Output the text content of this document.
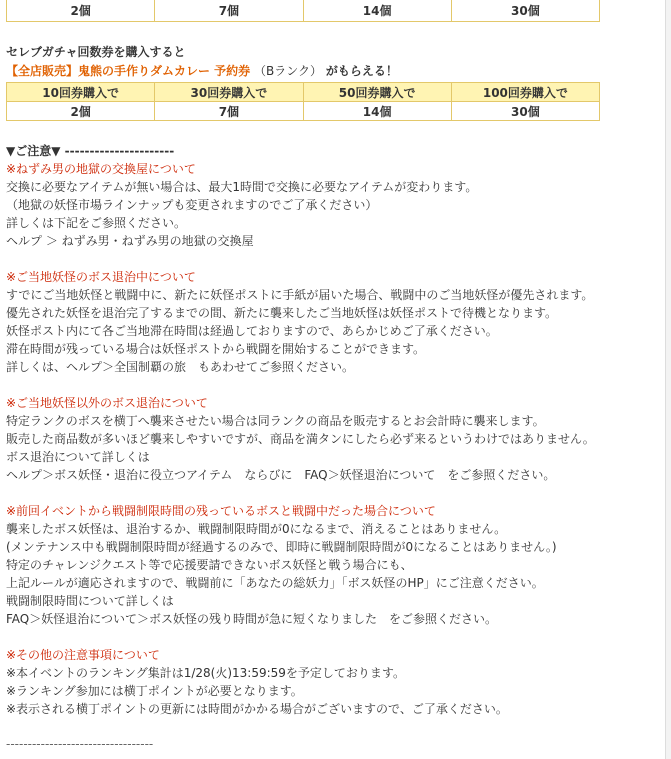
2個	7個	14個	30個
セレブガチャ回数券を購入すると
【全店販売】鬼熊の手作りダムカレー 予約券 （Bランク） がもらえる！
10回券購入で	30回券購入で	50回券購入で	100回券購入で
2個	7個	14個	30個
▼ご注意▼ ----------------------
※ねずみ男の地獄の交換屋について
交換に必要なアイテムが無い場合は、最大1時間で交換に必要なアイテムが変わります。
（地獄の妖怪市場ラインナップも変更されますのでご了承ください）
詳しくは下記をご参照ください。
ヘルプ ＞ ねずみ男・ねずみ男の地獄の交換屋
※ご当地妖怪のボス退治中について
すでにご当地妖怪と戦闘中に、新たに妖怪ポストに手紙が届いた場合、戦闘中のご当地妖怪が優先されます。
優先された妖怪を退治完了するまでの間、新たに襲来したご当地妖怪は妖怪ポストで待機となります。
妖怪ポスト内にて各ご当地滞在時間は経過しておりますので、あらかじめご了承ください。
滞在時間が残っている場合は妖怪ポストから戦闘を開始することができます。
詳しくは、ヘルプ＞全国制覇の旅　もあわせてご参照ください。
※ご当地妖怪以外のボス退治について
特定ランクのボスを横丁へ襲来させたい場合は同ランクの商品を販売するとお会計時に襲来します。
販売した商品数が多いほど襲来しやすいですが、商品を満タンにしたら必ず来るというわけではありません。
ボス退治について詳しくは
ヘルプ＞ボス妖怪・退治に役立つアイテム　ならびに　FAQ＞妖怪退治について　をご参照ください。
※前回イベントから戦闘制限時間の残っているボスと戦闘中だった場合について
襲来したボス妖怪は、退治するか、戦闘制限時間が0になるまで、消えることはありません。
(メンテナンス中も戦闘制限時間が経過するのみで、即時に戦闘制限時間が0になることはありません。)
特定のチャレンジクエスト等で応援要請できないボス妖怪と戦う場合にも、
上記ルールが適応されますので、戦闘前に「あなたの総妖力」「ボス妖怪のHP」にご注意ください。
戦闘制限時間について詳しくは
FAQ＞妖怪退治について＞ボス妖怪の残り時間が急に短くなりました　をご参照ください。
※その他の注意事項について
※本イベントのランキング集計は1/28(火)13:59:59を予定しております。
※ランキング参加には横丁ポイントが必要となります。
※表示される横丁ポイントの更新には時間がかかる場合がございますので、ご了承ください。
----------------------------------
